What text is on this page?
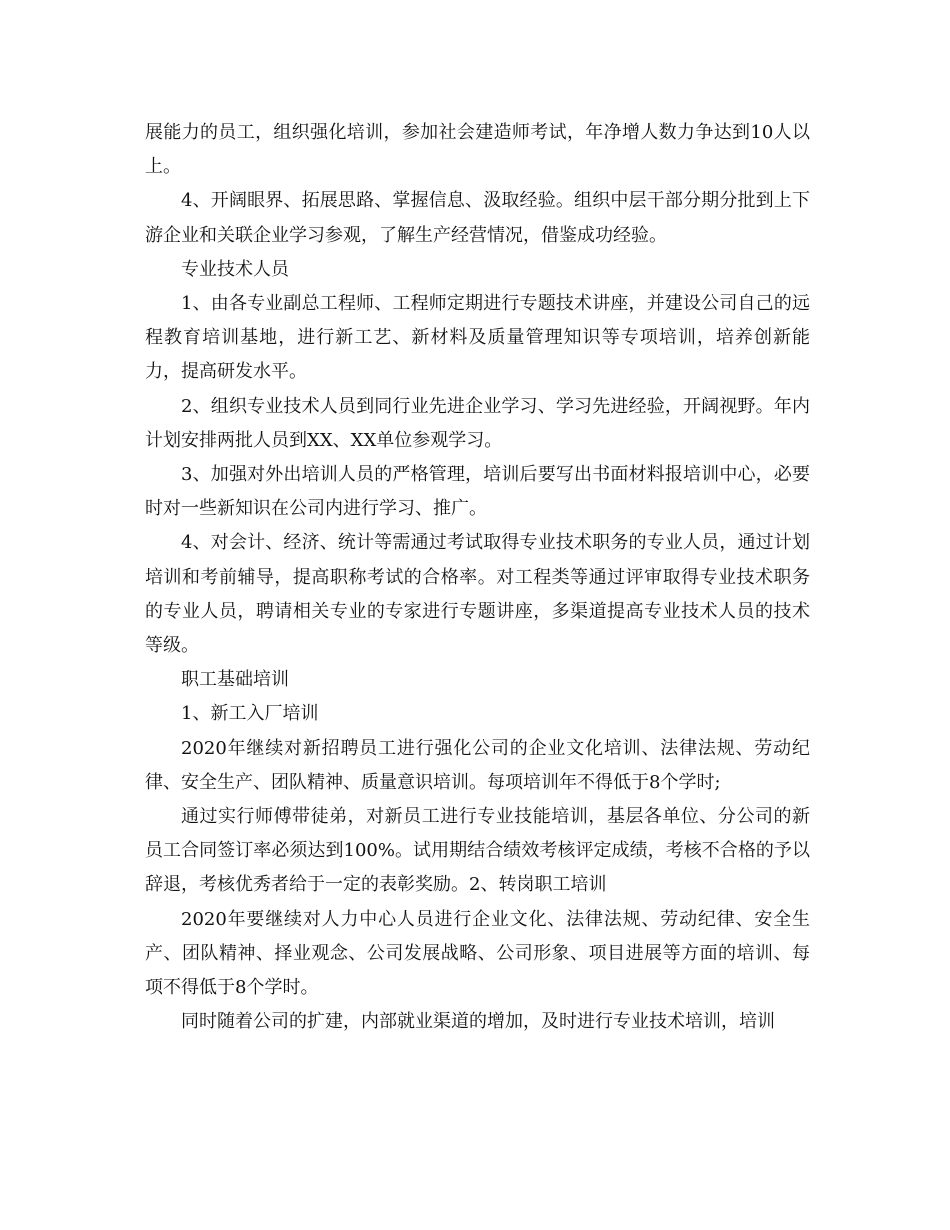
展能力的员工，组织强化培训，参加社会建造师考试，年净增人数力争达到10人以上。

4、开阔眼界、拓展思路、掌握信息、汲取经验。组织中层干部分期分批到上下游企业和关联企业学习参观，了解生产经营情况，借鉴成功经验。

专业技术人员

1、由各专业副总工程师、工程师定期进行专题技术讲座，并建设公司自己的远程教育培训基地，进行新工艺、新材料及质量管理知识等专项培训，培养创新能力，提高研发水平。

2、组织专业技术人员到同行业先进企业学习、学习先进经验，开阔视野。年内计划安排两批人员到XX、XX单位参观学习。

3、加强对外出培训人员的严格管理，培训后要写出书面材料报培训中心，必要时对一些新知识在公司内进行学习、推广。

4、对会计、经济、统计等需通过考试取得专业技术职务的专业人员，通过计划培训和考前辅导，提高职称考试的合格率。对工程类等通过评审取得专业技术职务的专业人员，聘请相关专业的专家进行专题讲座，多渠道提高专业技术人员的技术等级。

职工基础培训

1、新工入厂培训

2020年继续对新招聘员工进行强化公司的企业文化培训、法律法规、劳动纪律、安全生产、团队精神、质量意识培训。每项培训年不得低于8个学时;

通过实行师傅带徒弟，对新员工进行专业技能培训，基层各单位、分公司的新员工合同签订率必须达到100%。试用期结合绩效考核评定成绩，考核不合格的予以辞退，考核优秀者给于一定的表彰奖励。2、转岗职工培训

2020年要继续对人力中心人员进行企业文化、法律法规、劳动纪律、安全生产、团队精神、择业观念、公司发展战略、公司形象、项目进展等方面的培训、每项不得低于8个学时。

同时随着公司的扩建，内部就业渠道的增加，及时进行专业技术培训，培训
